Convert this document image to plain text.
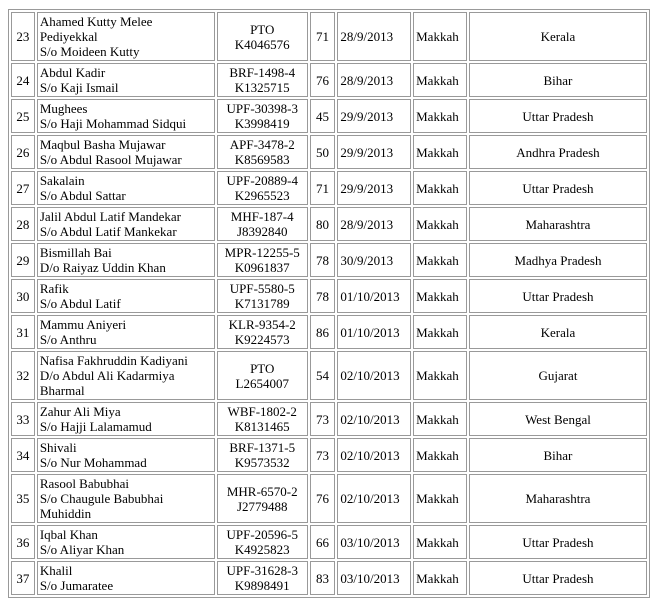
23	Ahamed Kutty Melee
Pediyekkal
S/o Moideen Kutty	PTO
K4046576	71	28/9/2013	Makkah	Kerala
24	Abdul Kadir
S/o Kaji Ismail	BRF-1498-4
K1325715	76	28/9/2013	Makkah	Bihar
25	Mughees
S/o Haji Mohammad Sidqui	UPF-30398-3
K3998419	45	29/9/2013	Makkah	Uttar Pradesh
26	Maqbul Basha Mujawar
S/o Abdul Rasool Mujawar	APF-3478-2
K8569583	50	29/9/2013	Makkah	Andhra Pradesh
27	Sakalain
S/o Abdul Sattar	UPF-20889-4
K2965523	71	29/9/2013	Makkah	Uttar Pradesh
28	Jalil Abdul Latif Mandekar
S/o Abdul Latif Mankekar	MHF-187-4
J8392840	80	28/9/2013	Makkah	Maharashtra
29	Bismillah Bai
D/o Raiyaz Uddin Khan	MPR-12255-5
K0961837	78	30/9/2013	Makkah	Madhya Pradesh
30	Rafik
S/o Abdul Latif	UPF-5580-5
K7131789	78	01/10/2013	Makkah	Uttar Pradesh
31	Mammu Aniyeri
S/o Anthru	KLR-9354-2
K9224573	86	01/10/2013	Makkah	Kerala
32	Nafisa Fakhruddin Kadiyani
D/o Abdul Ali Kadarmiya
Bharmal	PTO
L2654007	54	02/10/2013	Makkah	Gujarat
33	Zahur Ali Miya
S/o Hajji Lalamamud	WBF-1802-2
K8131465	73	02/10/2013	Makkah	West Bengal
34	Shivali
S/o Nur Mohammad	BRF-1371-5
K9573532	73	02/10/2013	Makkah	Bihar
35	Rasool Babubhai
S/o Chaugule Babubhai
Muhiddin	MHR-6570-2
J2779488	76	02/10/2013	Makkah	Maharashtra
36	Iqbal Khan
S/o Aliyar Khan	UPF-20596-5
K4925823	66	03/10/2013	Makkah	Uttar Pradesh
37	Khalil
S/o Jumaratee	UPF-31628-3
K9898491	83	03/10/2013	Makkah	Uttar Pradesh
